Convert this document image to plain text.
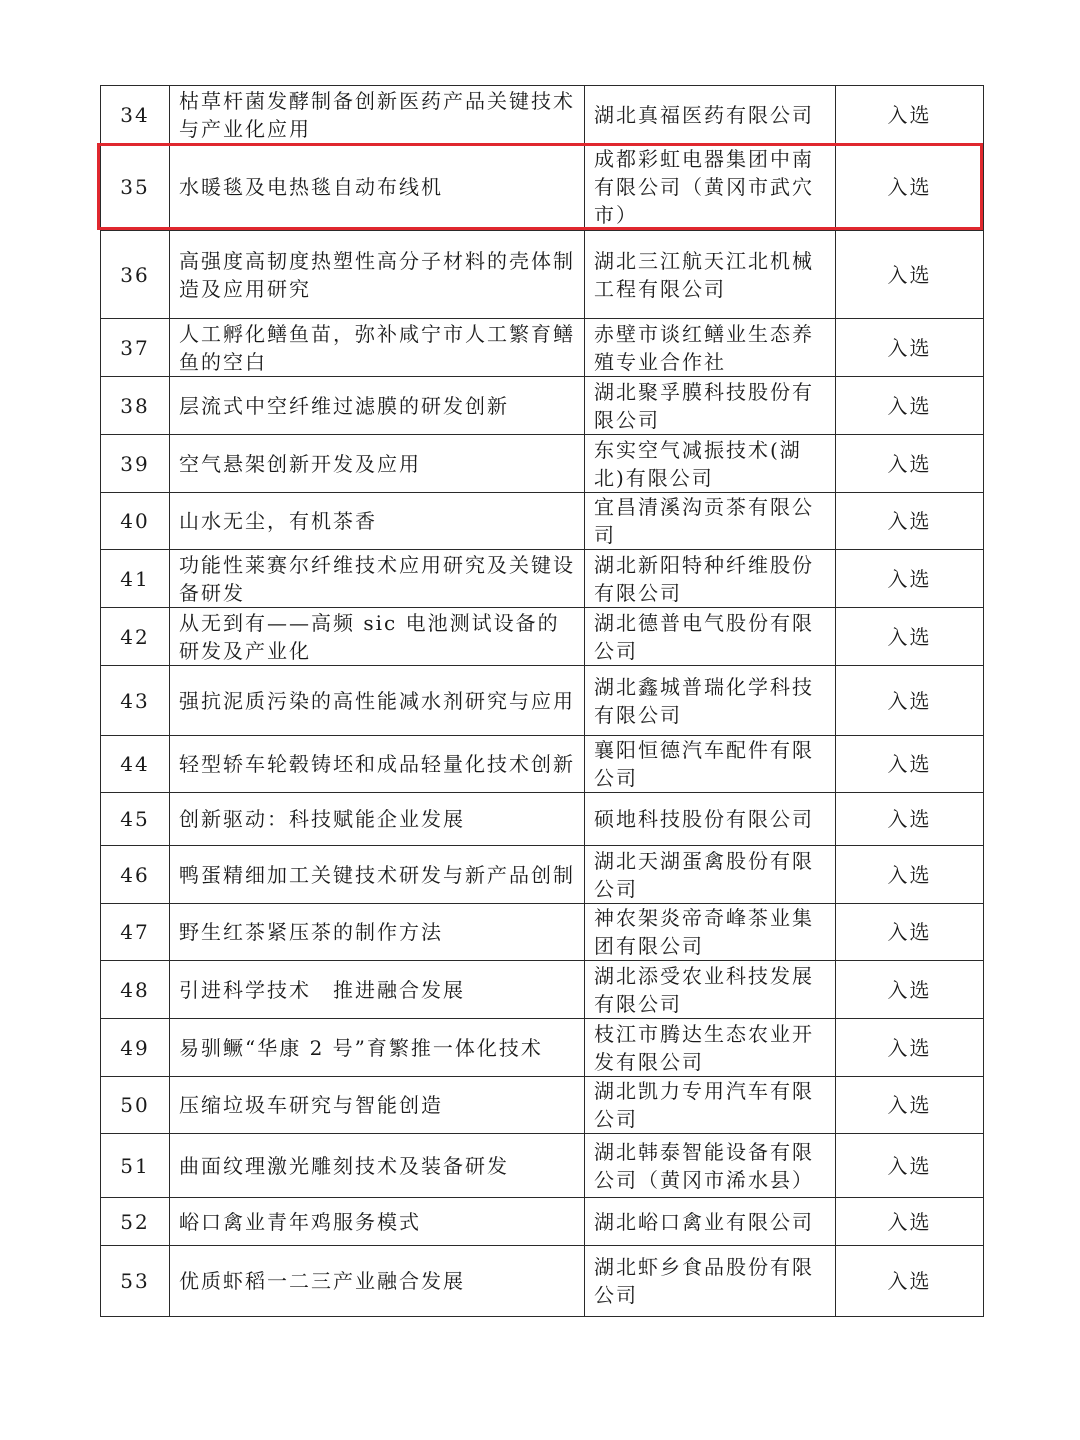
34	枯草杆菌发酵制备创新医药产品关键技术与产业化应用	湖北真福医药有限公司	入选
35	水暖毯及电热毯自动布线机	成都彩虹电器集团中南有限公司（黄冈市武穴市）	入选
36	高强度高韧度热塑性高分子材料的壳体制造及应用研究	湖北三江航天江北机械工程有限公司	入选
37	人工孵化鳝鱼苗，弥补咸宁市人工繁育鳝鱼的空白	赤壁市谈红鳝业生态养殖专业合作社	入选
38	层流式中空纤维过滤膜的研发创新	湖北聚孚膜科技股份有限公司	入选
39	空气悬架创新开发及应用	东实空气减振技术(湖北)有限公司	入选
40	山水无尘，有机茶香	宜昌清溪沟贡茶有限公司	入选
41	功能性莱赛尔纤维技术应用研究及关键设备研发	湖北新阳特种纤维股份有限公司	入选
42	从无到有——高频 sic 电池测试设备的研发及产业化	湖北德普电气股份有限公司	入选
43	强抗泥质污染的高性能减水剂研究与应用	湖北鑫城普瑞化学科技有限公司	入选
44	轻型轿车轮毂铸坯和成品轻量化技术创新	襄阳恒德汽车配件有限公司	入选
45	创新驱动：科技赋能企业发展	硕地科技股份有限公司	入选
46	鸭蛋精细加工关键技术研发与新产品创制	湖北天湖蛋禽股份有限公司	入选
47	野生红茶紧压茶的制作方法	神农架炎帝奇峰茶业集团有限公司	入选
48	引进科学技术　推进融合发展	湖北添受农业科技发展有限公司	入选
49	易驯鳜“华康 2 号”育繁推一体化技术	枝江市腾达生态农业开发有限公司	入选
50	压缩垃圾车研究与智能创造	湖北凯力专用汽车有限公司	入选
51	曲面纹理激光雕刻技术及装备研发	湖北韩泰智能设备有限公司（黄冈市浠水县）	入选
52	峪口禽业青年鸡服务模式	湖北峪口禽业有限公司	入选
53	优质虾稻一二三产业融合发展	湖北虾乡食品股份有限公司	入选
